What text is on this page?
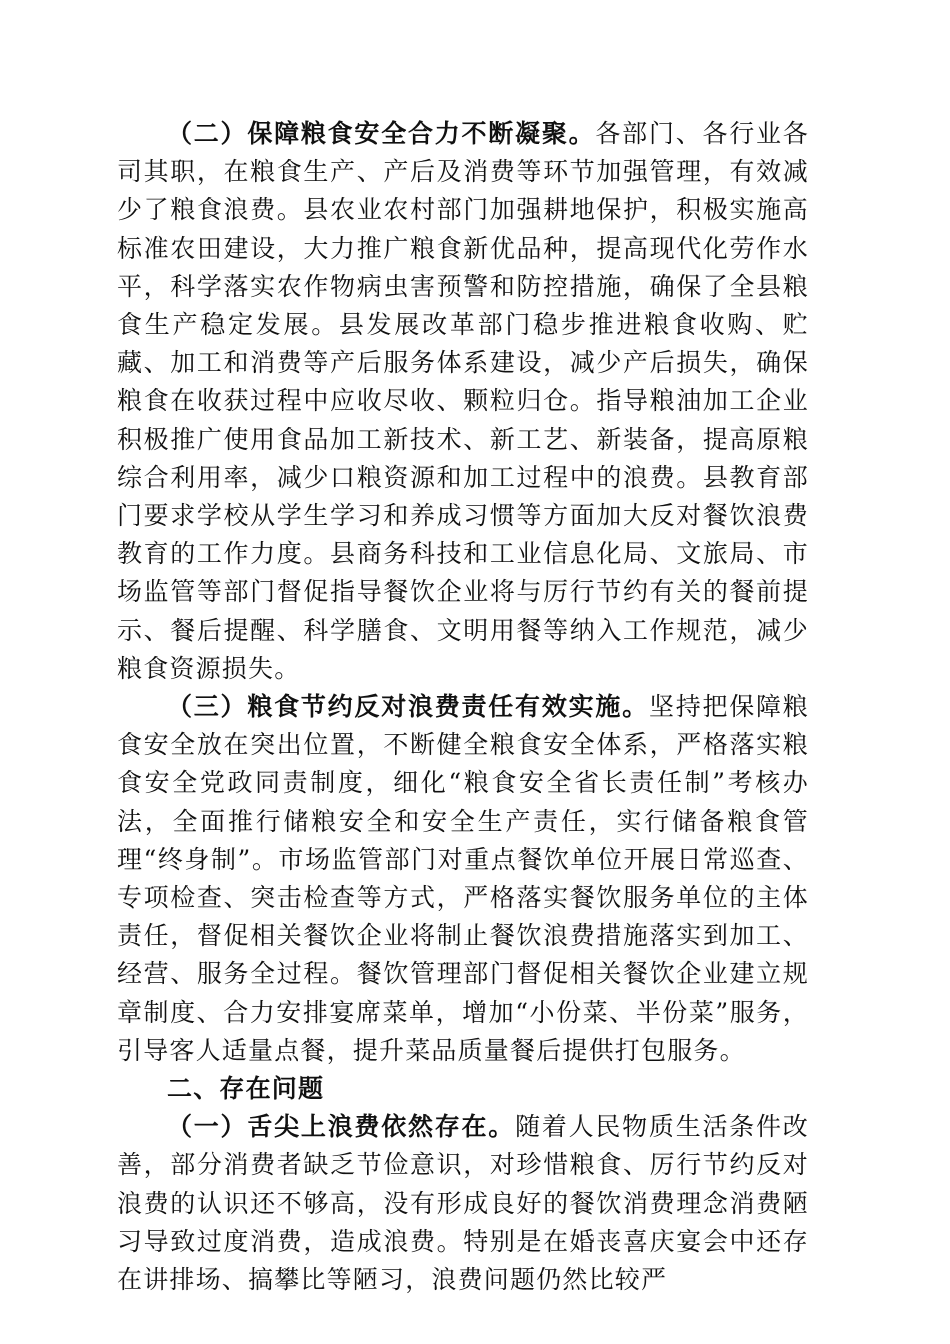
（二）保障粮食安全合力不断凝聚。各部门、各行业各司其职，在粮食生产、产后及消费等环节加强管理，有效减少了粮食浪费。县农业农村部门加强耕地保护，积极实施高标准农田建设，大力推广粮食新优品种，提高现代化劳作水平，科学落实农作物病虫害预警和防控措施，确保了全县粮食生产稳定发展。县发展改革部门稳步推进粮食收购、贮藏、加工和消费等产后服务体系建设，减少产后损失，确保粮食在收获过程中应收尽收、颗粒归仓。指导粮油加工企业积极推广使用食品加工新技术、新工艺、新装备，提高原粮综合利用率，减少口粮资源和加工过程中的浪费。县教育部门要求学校从学生学习和养成习惯等方面加大反对餐饮浪费教育的工作力度。县商务科技和工业信息化局、文旅局、市场监管等部门督促指导餐饮企业将与厉行节约有关的餐前提示、餐后提醒、科学膳食、文明用餐等纳入工作规范，减少粮食资源损失。

（三）粮食节约反对浪费责任有效实施。坚持把保障粮食安全放在突出位置，不断健全粮食安全体系，严格落实粮食安全党政同责制度，细化“粮食安全省长责任制”考核办法，全面推行储粮安全和安全生产责任，实行储备粮食管理“终身制”。市场监管部门对重点餐饮单位开展日常巡查、专项检查、突击检查等方式，严格落实餐饮服务单位的主体责任，督促相关餐饮企业将制止餐饮浪费措施落实到加工、经营、服务全过程。餐饮管理部门督促相关餐饮企业建立规章制度、合力安排宴席菜单，增加“小份菜、半份菜”服务，引导客人适量点餐，提升菜品质量餐后提供打包服务。

二、存在问题

（一）舌尖上浪费依然存在。随着人民物质生活条件改善，部分消费者缺乏节俭意识，对珍惜粮食、厉行节约反对浪费的认识还不够高，没有形成良好的餐饮消费理念消费陋习导致过度消费，造成浪费。特别是在婚丧喜庆宴会中还存在讲排场、搞攀比等陋习，浪费问题仍然比较严
